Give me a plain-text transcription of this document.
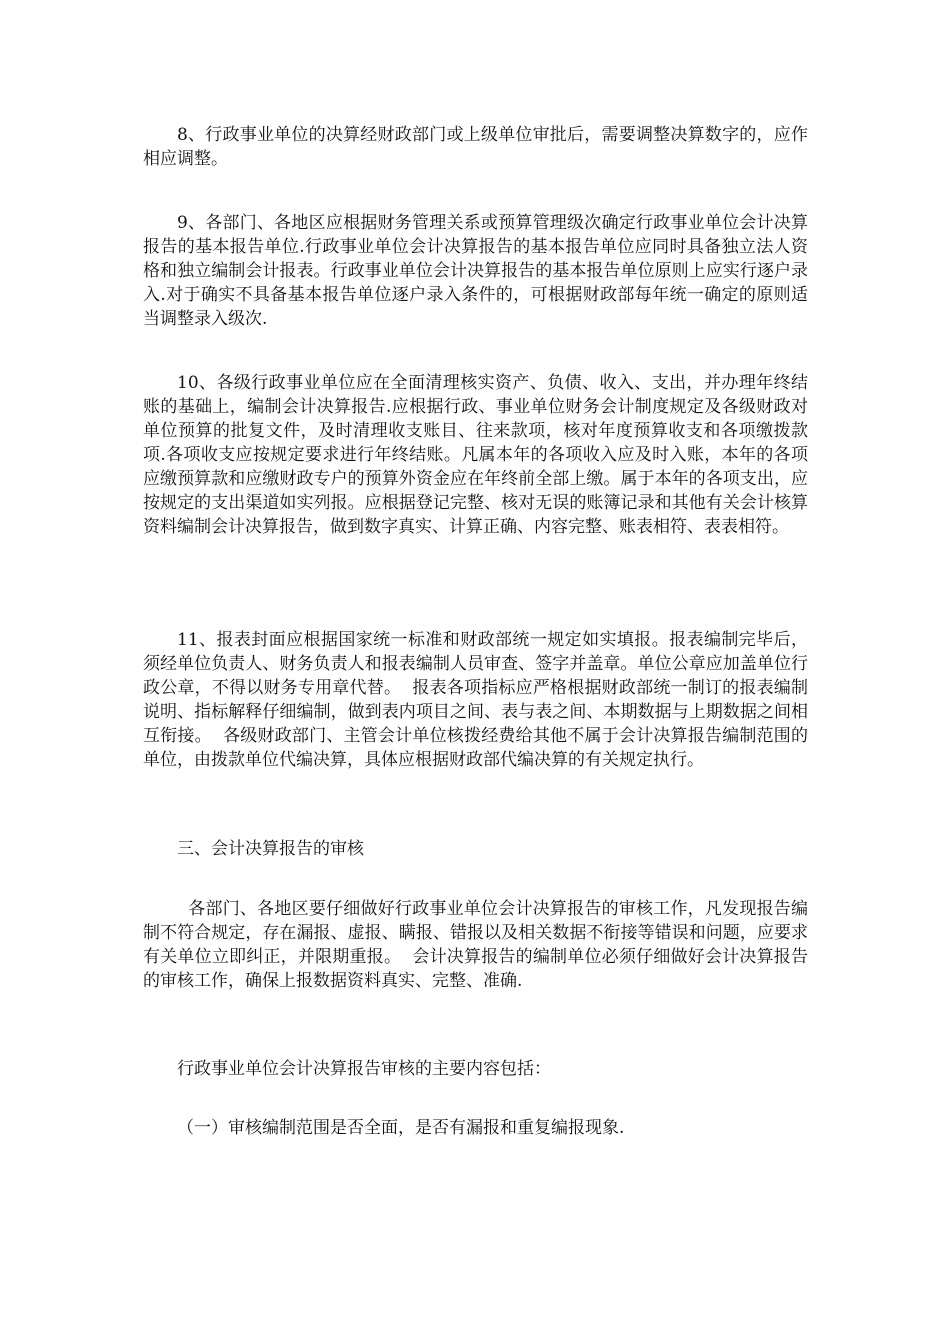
8、行政事业单位的决算经财政部门或上级单位审批后，需要调整决算数字的，应作相应调整。

9、各部门、各地区应根据财务管理关系或预算管理级次确定行政事业单位会计决算报告的基本报告单位.行政事业单位会计决算报告的基本报告单位应同时具备独立法人资格和独立编制会计报表。行政事业单位会计决算报告的基本报告单位原则上应实行逐户录入.对于确实不具备基本报告单位逐户录入条件的，可根据财政部每年统一确定的原则适当调整录入级次.

10、各级行政事业单位应在全面清理核实资产、负债、收入、支出，并办理年终结账的基础上，编制会计决算报告.应根据行政、事业单位财务会计制度规定及各级财政对单位预算的批复文件，及时清理收支账目、往来款项，核对年度预算收支和各项缴拨款项.各项收支应按规定要求进行年终结账。凡属本年的各项收入应及时入账，本年的各项应缴预算款和应缴财政专户的预算外资金应在年终前全部上缴。属于本年的各项支出，应按规定的支出渠道如实列报。应根据登记完整、核对无误的账簿记录和其他有关会计核算资料编制会计决算报告，做到数字真实、计算正确、内容完整、账表相符、表表相符。

11、报表封面应根据国家统一标准和财政部统一规定如实填报。报表编制完毕后，须经单位负责人、财务负责人和报表编制人员审查、签字并盖章。单位公章应加盖单位行政公章，不得以财务专用章代替。  报表各项指标应严格根据财政部统一制订的报表编制说明、指标解释仔细编制，做到表内项目之间、表与表之间、本期数据与上期数据之间相互衔接。  各级财政部门、主管会计单位核拨经费给其他不属于会计决算报告编制范围的单位，由拨款单位代编决算，具体应根据财政部代编决算的有关规定执行。

三、会计决算报告的审核

各部门、各地区要仔细做好行政事业单位会计决算报告的审核工作，凡发现报告编制不符合规定，存在漏报、虚报、瞒报、错报以及相关数据不衔接等错误和问题，应要求有关单位立即纠正，并限期重报。  会计决算报告的编制单位必须仔细做好会计决算报告的审核工作，确保上报数据资料真实、完整、准确.

行政事业单位会计决算报告审核的主要内容包括：

（一）审核编制范围是否全面，是否有漏报和重复编报现象.
